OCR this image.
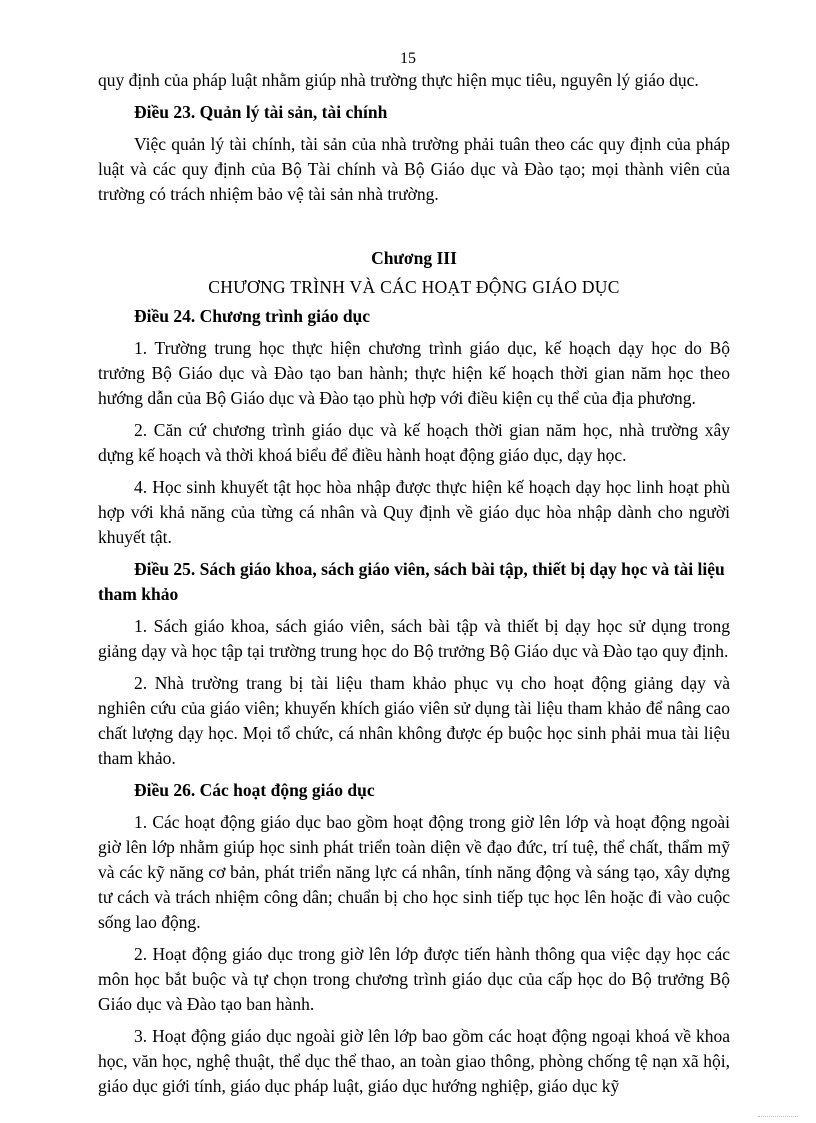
15

quy định của pháp luật nhằm giúp nhà trường thực hiện mục tiêu, nguyên lý giáo dục.

Điều 23. Quản lý tài sản, tài chính

Việc quản lý tài chính, tài sản của nhà trường phải tuân theo các quy định của pháp luật và các quy định của Bộ Tài chính và Bộ Giáo dục và Đào tạo; mọi thành viên của trường có trách nhiệm bảo vệ tài sản nhà trường.

Chương III
CHƯƠNG TRÌNH VÀ CÁC HOẠT ĐỘNG GIÁO DỤC
Điều 24. Chương trình giáo dục

1. Trường trung học thực hiện chương trình giáo dục, kế hoạch dạy học do Bộ trưởng Bộ Giáo dục và Đào tạo ban hành; thực hiện kế hoạch thời gian năm học theo hướng dẫn của Bộ Giáo dục và Đào tạo phù hợp với điều kiện cụ thể của địa phương.

2. Căn cứ chương trình giáo dục và kế hoạch thời gian năm học, nhà trường xây dựng kế hoạch và thời khoá biểu để điều hành hoạt động giáo dục, dạy học.

4. Học sinh khuyết tật học hòa nhập được thực hiện kế hoạch dạy học linh hoạt phù hợp với khả năng của từng cá nhân và Quy định về giáo dục hòa nhập dành cho người khuyết tật.

Điều 25. Sách giáo khoa, sách giáo viên, sách bài tập, thiết bị dạy học và tài liệu tham khảo

1. Sách giáo khoa, sách giáo viên, sách bài tập và thiết bị dạy học sử dụng trong giảng dạy và học tập tại trường trung học do Bộ trưởng Bộ Giáo dục và Đào tạo quy định.

2. Nhà trường trang bị tài liệu tham khảo phục vụ cho hoạt động giảng dạy và nghiên cứu của giáo viên; khuyến khích giáo viên sử dụng tài liệu tham khảo để nâng cao chất lượng dạy học. Mọi tổ chức, cá nhân không được ép buộc học sinh phải mua tài liệu tham khảo.

Điều 26. Các hoạt động giáo dục

1. Các hoạt động giáo dục bao gồm hoạt động trong giờ lên lớp và hoạt động ngoài giờ lên lớp nhằm giúp học sinh phát triển toàn diện về đạo đức, trí tuệ, thể chất, thẩm mỹ và các kỹ năng cơ bản, phát triển năng lực cá nhân, tính năng động và sáng tạo, xây dựng tư cách và trách nhiệm công dân; chuẩn bị cho học sinh tiếp tục học lên hoặc đi vào cuộc sống lao động.

2. Hoạt động giáo dục trong giờ lên lớp được tiến hành thông qua việc dạy học các môn học bắt buộc và tự chọn trong chương trình giáo dục của cấp học do Bộ trưởng Bộ Giáo dục và Đào tạo ban hành.

3. Hoạt động giáo dục ngoài giờ lên lớp bao gồm các hoạt động ngoại khoá về khoa học, văn học, nghệ thuật, thể dục thể thao, an toàn giao thông, phòng chống tệ nạn xã hội, giáo dục giới tính, giáo dục pháp luật, giáo dục hướng nghiệp, giáo dục kỹ
